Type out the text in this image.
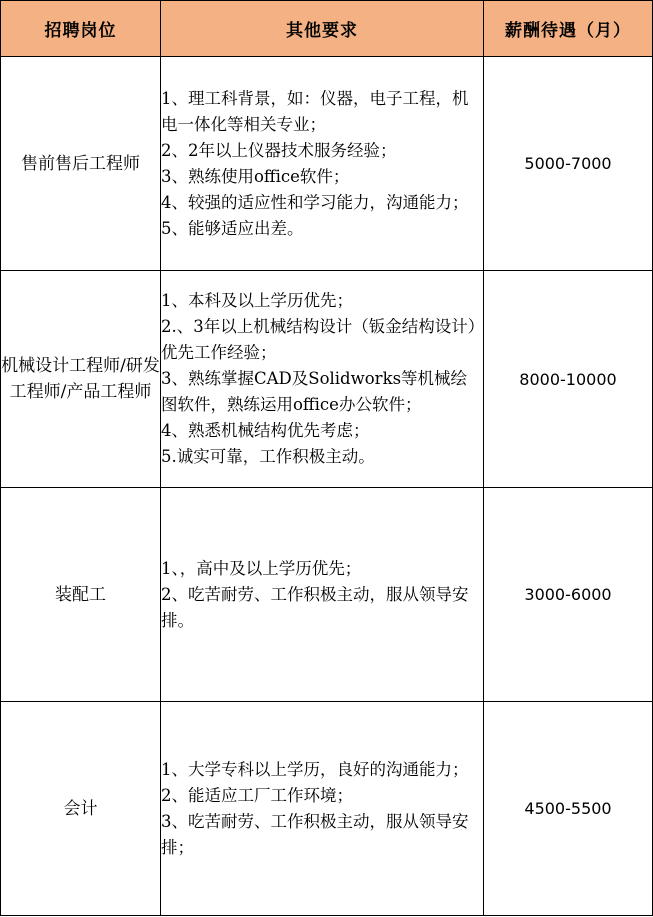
招聘岗位	其他要求	薪酬待遇（月）
售前售后工程师	1、理工科背景，如：仪器，电子工程，机电一体化等相关专业；
2、2年以上仪器技术服务经验；
3、熟练使用office软件；
4、较强的适应性和学习能力，沟通能力；
5、能够适应出差。	5000-7000
机械设计工程师/研发工程师/产品工程师	1、本科及以上学历优先；
2.、3年以上机械结构设计（钣金结构设计）优先工作经验；
3、熟练掌握CAD及Solidworks等机械绘图软件，熟练运用office办公软件；
4、熟悉机械结构优先考虑；
5.诚实可靠，工作积极主动。	8000-10000
装配工	1、，高中及以上学历优先；
2、吃苦耐劳、工作积极主动，服从领导安排。	3000-6000
会计	1、大学专科以上学历，良好的沟通能力；
2、能适应工厂工作环境；
3、吃苦耐劳、工作积极主动，服从领导安排；	4500-5500
